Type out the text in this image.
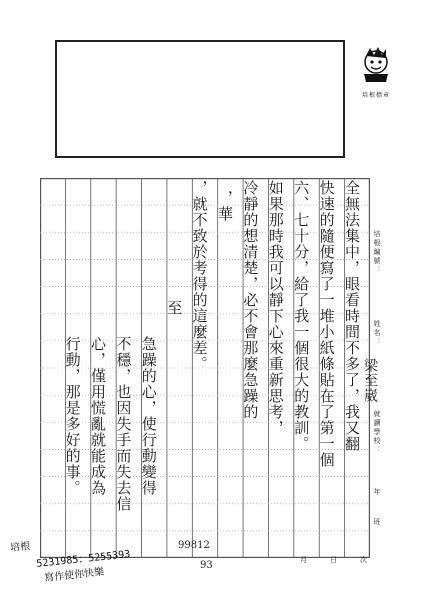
培根標章
全無法集中，眼看時間不多了，我又翻
快速的隨便寫了一堆小紙條貼在了第一個
六、七十分，給了我一個很大的教訓。
如果那時我可以靜下心來重新思考，
冷靜的想清楚，必不會那麼急躁的
，華
，就不致於考得的這麼差。
至
急躁的心，使行動變得
不穩，也因失手而失去信
心，僅用慌亂就能成為
行動，那是多好的事。
培根編號：
姓名：
梁至崴
就讀學校：
年
班
月	日	次
99812
93
培根
5231985；5255393
寫作使你快樂
